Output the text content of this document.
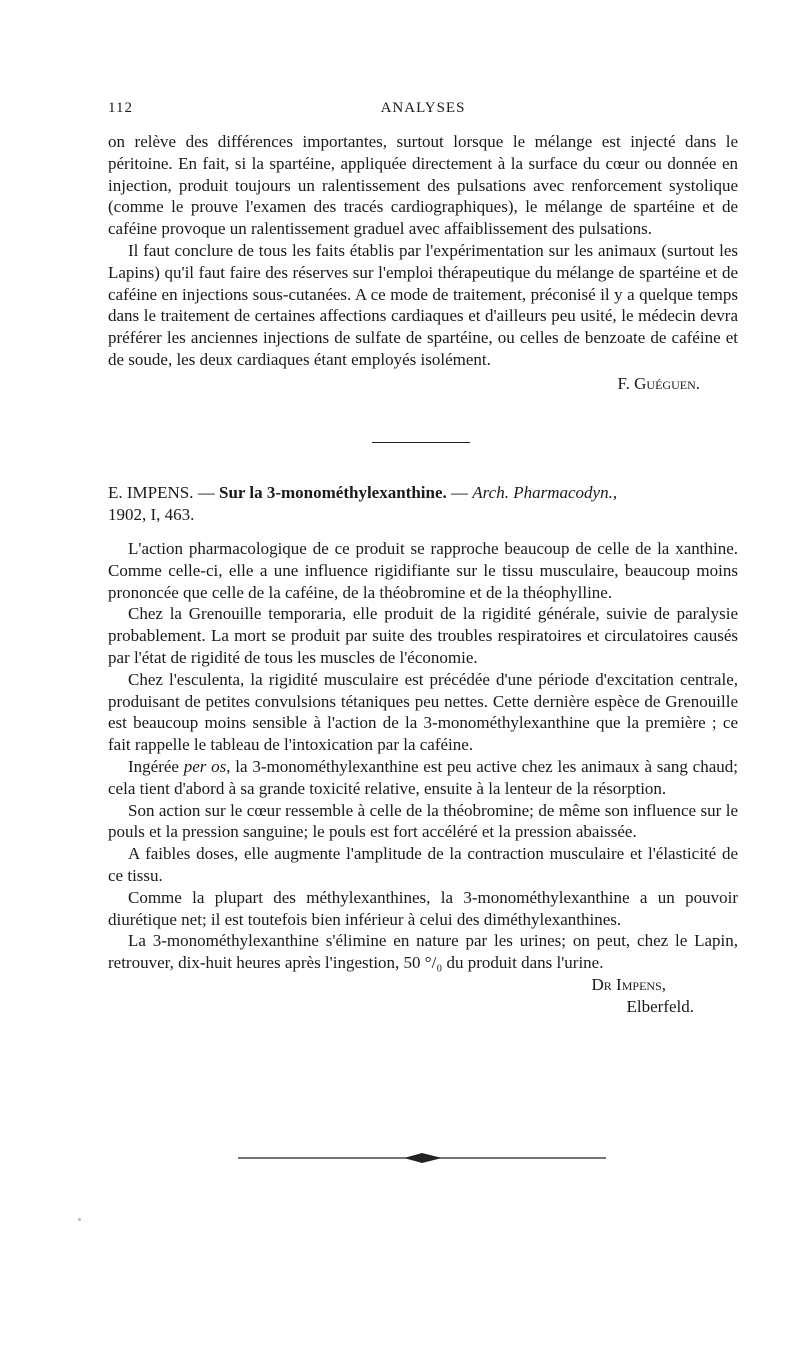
112	ANALYSES

on relève des différences importantes, surtout lorsque le mélange est injecté dans le péritoine. En fait, si la spartéine, appliquée directement à la surface du cœur ou donnée en injection, produit toujours un ralentissement des pulsations avec renforcement systolique (comme le prouve l'examen des tracés cardiographiques), le mélange de spartéine et de caféine provoque un ralentissement graduel avec affaiblissement des pulsations.

Il faut conclure de tous les faits établis par l'expérimentation sur les animaux (surtout les Lapins) qu'il faut faire des réserves sur l'emploi thérapeutique du mélange de spartéine et de caféine en injections sous-cutanées. A ce mode de traitement, préconisé il y a quelque temps dans le traitement de certaines affections cardiaques et d'ailleurs peu usité, le médecin devra préférer les anciennes injections de sulfate de spartéine, ou celles de benzoate de caféine et de soude, les deux cardiaques étant employés isolément.

F. Guéguen.

E. IMPENS. — Sur la 3-monométhylexanthine. — Arch. Pharmacodyn.,
1902, I, 463.

L'action pharmacologique de ce produit se rapproche beaucoup de celle de la xanthine. Comme celle-ci, elle a une influence rigidifiante sur le tissu musculaire, beaucoup moins prononcée que celle de la caféine, de la théobromine et de la théophylline.

Chez la Grenouille temporaria, elle produit de la rigidité générale, suivie de paralysie probablement. La mort se produit par suite des troubles respiratoires et circulatoires causés par l'état de rigidité de tous les muscles de l'économie.

Chez l'esculenta, la rigidité musculaire est précédée d'une période d'excitation centrale, produisant de petites convulsions tétaniques peu nettes. Cette dernière espèce de Grenouille est beaucoup moins sensible à l'action de la 3-monométhylexanthine que la première ; ce fait rappelle le tableau de l'intoxication par la caféine.

Ingérée per os, la 3-monométhylexanthine est peu active chez les animaux à sang chaud; cela tient d'abord à sa grande toxicité relative, ensuite à la lenteur de la résorption.

Son action sur le cœur ressemble à celle de la théobromine; de même son influence sur le pouls et la pression sanguine; le pouls est fort accéléré et la pression abaissée.

A faibles doses, elle augmente l'amplitude de la contraction musculaire et l'élasticité de ce tissu.

Comme la plupart des méthylexanthines, la 3-monométhylexanthine a un pouvoir diurétique net; il est toutefois bien inférieur à celui des diméthylexanthines.

La 3-monométhylexanthine s'élimine en nature par les urines; on peut, chez le Lapin, retrouver, dix-huit heures après l'ingestion, 50 °/₀ du produit dans l'urine.

Dr Impens,

Elberfeld.
